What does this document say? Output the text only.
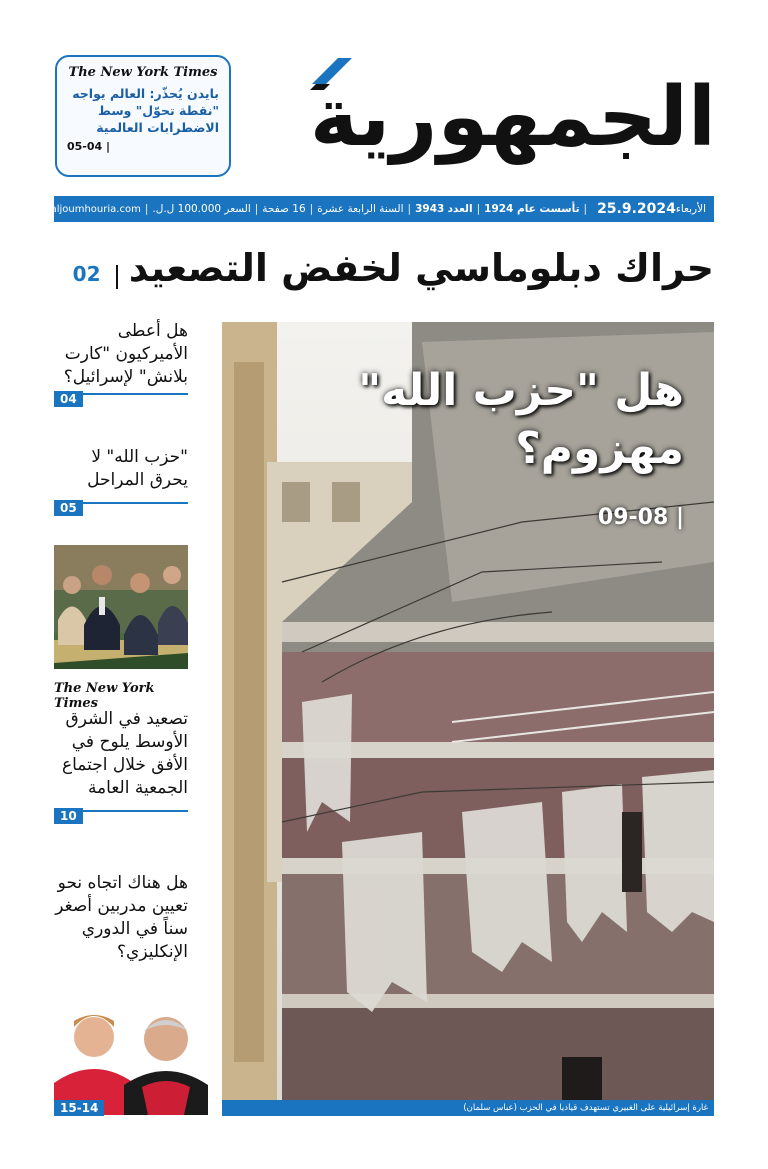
الجمهورية
The New York Times
بايدن يُحذّر: العالم يواجه "نقطة تحوّل" وسط الاضطرابات العالمية
05-04 |
الأربعاء
25.9.2024
|
تأسست عام 1924
|
العدد

3943
|
السنة الرابعة عشرة
|
16 صفحة
|
السعر 100.000 ل.ل.
|
www.aljoumhouria.com
حراك دبلوماسي لخفض التصعيد  02
هل أعطى الأميركيون "كارت بلانش" لإسرائيل؟
04
"حزب الله" لا يحرق المراحل
05
The New York Times
تصعيد في الشرق الأوسط يلوح في الأفق خلال اجتماع الجمعية العامة
10
هل هناك اتجاه نحو تعيين مدربين أصغر سناً في الدوري الإنكليزي؟
15-14
هل "حزب الله"
مهزوم؟
09-08 |
غارة إسرائيلية على الغبيري تستهدف قياديا في الحزب (عباس سلمان)
